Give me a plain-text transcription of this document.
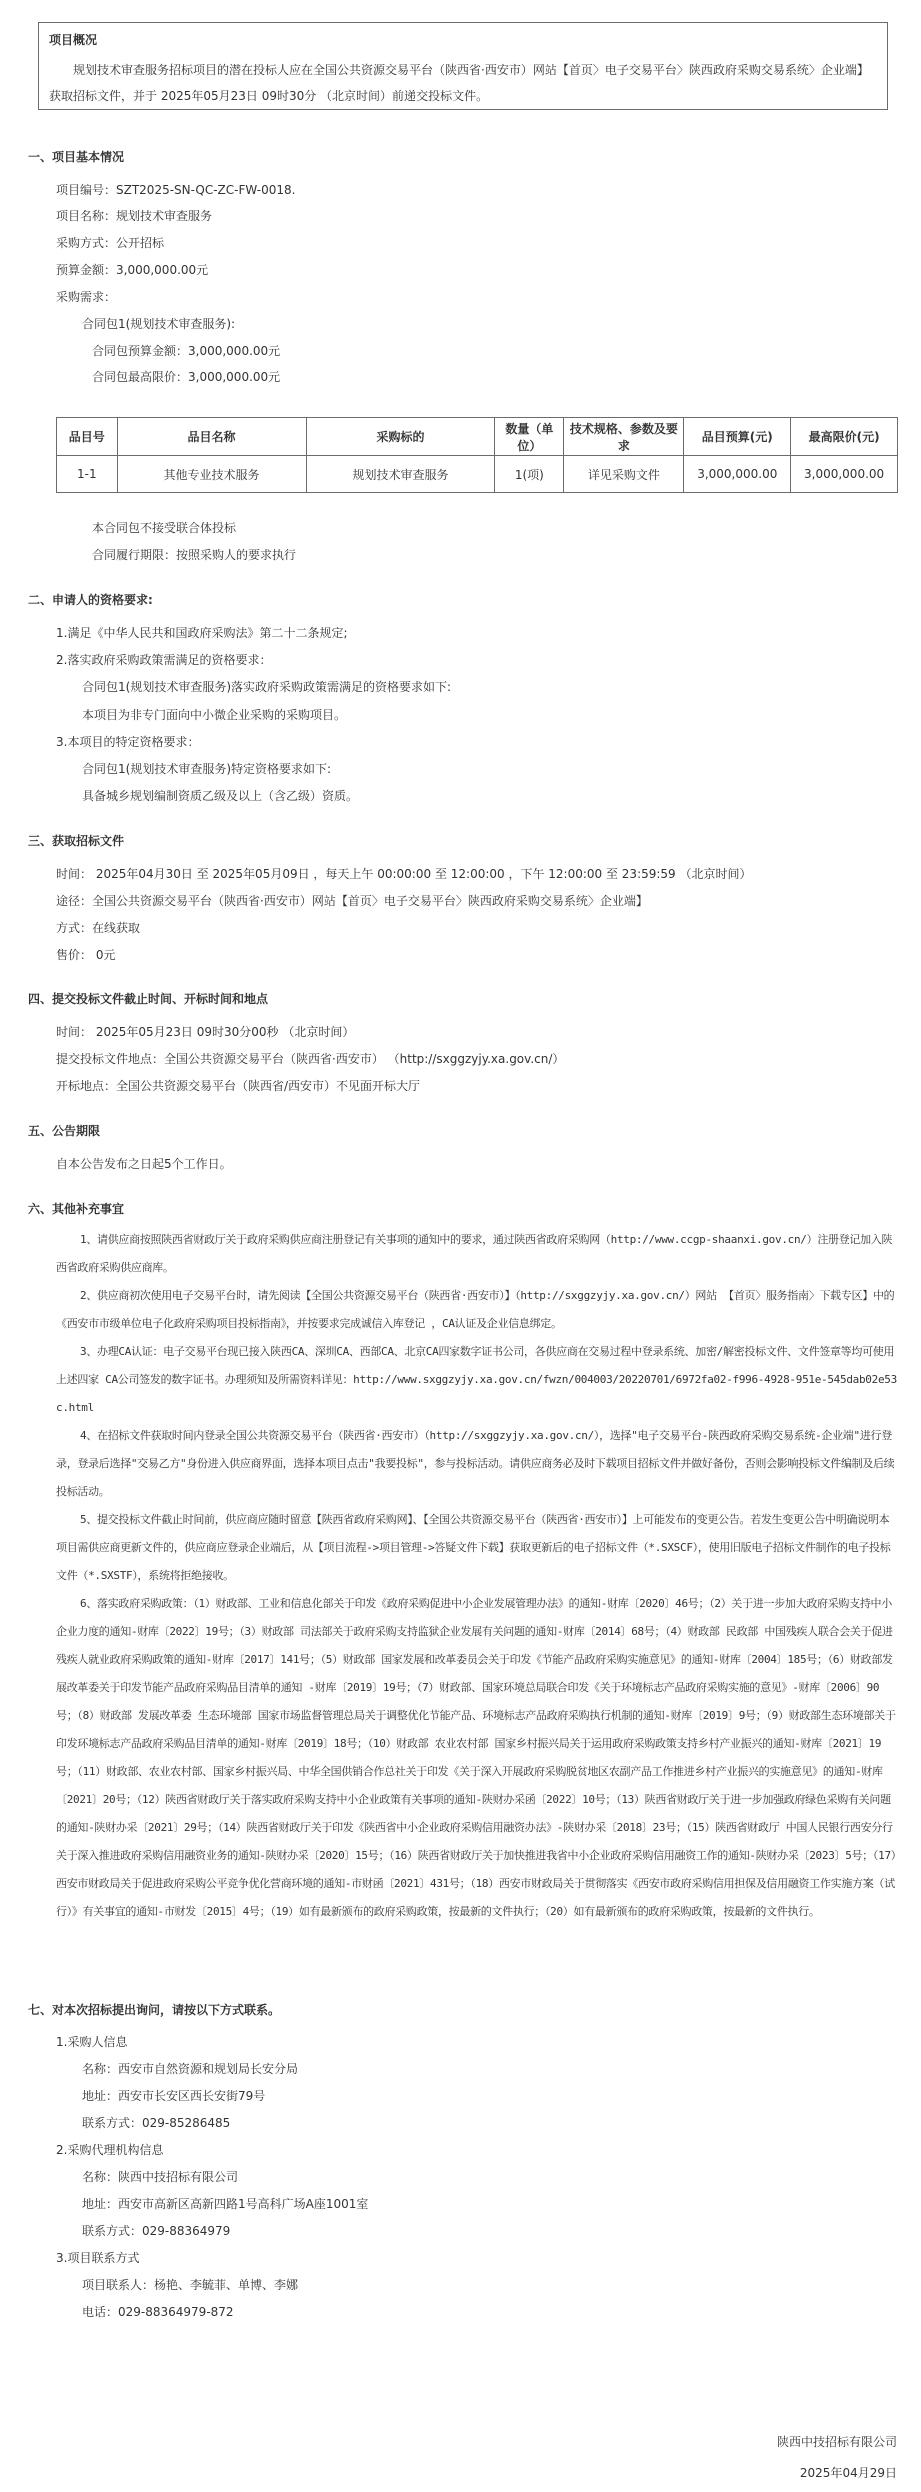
项目概况
规划技术审查服务招标项目的潜在投标人应在全国公共资源交易平台（陕西省·西安市）网站【首页〉电子交易平台〉陕西政府采购交易系统〉企业端】获取招标文件，并于 2025年05月23日 09时30分 （北京时间）前递交投标文件。
一、项目基本情况
项目编号：SZT2025-SN-QC-ZC-FW-0018.
项目名称：规划技术审查服务
采购方式：公开招标
预算金额：3,000,000.00元
采购需求：
合同包1(规划技术审查服务):
合同包预算金额：3,000,000.00元
合同包最高限价：3,000,000.00元
品目号	品目名称	采购标的	数量（单位）	技术规格、参数及要求	品目预算(元)	最高限价(元)
1-1	其他专业技术服务	规划技术审查服务	1(项)	详见采购文件	3,000,000.00	3,000,000.00
本合同包不接受联合体投标
合同履行期限：按照采购人的要求执行
二、申请人的资格要求:
1.满足《中华人民共和国政府采购法》第二十二条规定;
2.落实政府采购政策需满足的资格要求：
合同包1(规划技术审查服务)落实政府采购政策需满足的资格要求如下:
本项目为非专门面向中小微企业采购的采购项目。
3.本项目的特定资格要求：
合同包1(规划技术审查服务)特定资格要求如下:
具备城乡规划编制资质乙级及以上（含乙级）资质。
三、获取招标文件
时间： 2025年04月30日 至 2025年05月09日 ，每天上午 00:00:00 至 12:00:00 ，下午 12:00:00 至 23:59:59 （北京时间）
途径：全国公共资源交易平台（陕西省·西安市）网站【首页〉电子交易平台〉陕西政府采购交易系统〉企业端】
方式：在线获取
售价： 0元
四、提交投标文件截止时间、开标时间和地点
时间： 2025年05月23日 09时30分00秒 （北京时间）
提交投标文件地点：全国公共资源交易平台（陕西省·西安市） （http://sxggzyjy.xa.gov.cn/）
开标地点：全国公共资源交易平台（陕西省/西安市）不见面开标大厅
五、公告期限
自本公告发布之日起5个工作日。
六、其他补充事宜
1、请供应商按照陕西省财政厅关于政府采购供应商注册登记有关事项的通知中的要求，通过陕西省政府采购网（http://www.ccgp-shaanxi.gov.cn/）注册登记加入陕西省政府采购供应商库。
2、供应商初次使用电子交易平台时，请先阅读【全国公共资源交易平台（陕西省·西安市）】（http://sxggzyjy.xa.gov.cn/）网站 【首页〉服务指南〉下载专区】中的 《西安市市级单位电子化政府采购项目投标指南》，并按要求完成诚信入库登记 ，CA认证及企业信息绑定。
3、办理CA认证：电子交易平台现已接入陕西CA、深圳CA、西部CA、北京CA四家数字证书公司，各供应商在交易过程中登录系统、加密/解密投标文件、文件签章等均可使用上述四家 CA公司签发的数字证书。办理须知及所需资料详见：http://www.sxggzyjy.xa.gov.cn/fwzn/004003/20220701/6972fa02-f996-4928-951e-545dab02e53c.html
4、在招标文件获取时间内登录全国公共资源交易平台（陕西省·西安市）（http://sxggzyjy.xa.gov.cn/），选择"电子交易平台-陕西政府采购交易系统-企业端"进行登录，登录后选择"交易乙方"身份进入供应商界面，选择本项目点击"我要投标"，参与投标活动。请供应商务必及时下载项目招标文件并做好备份，否则会影响投标文件编制及后续投标活动。
5、提交投标文件截止时间前，供应商应随时留意【陕西省政府采购网】、【全国公共资源交易平台（陕西省·西安市）】上可能发布的变更公告。若发生变更公告中明确说明本项目需供应商更新文件的，供应商应登录企业端后，从【项目流程->项目管理->答疑文件下载】获取更新后的电子招标文件（*.SXSCF），使用旧版电子招标文件制作的电子投标文件（*.SXSTF），系统将拒绝接收。
6、落实政府采购政策：（1）财政部、工业和信息化部关于印发《政府采购促进中小企业发展管理办法》的通知-财库〔2020〕46号；（2）关于进一步加大政府采购支持中小企业力度的通知-财库〔2022〕19号；（3）财政部 司法部关于政府采购支持监狱企业发展有关问题的通知-财库〔2014〕68号；（4）财政部 民政部 中国残疾人联合会关于促进残疾人就业政府采购政策的通知-财库〔2017〕141号；（5）财政部 国家发展和改革委员会关于印发《节能产品政府采购实施意见》的通知-财库〔2004〕185号；（6）财政部发展改革委关于印发节能产品政府采购品目清单的通知 -财库〔2019〕19号；（7）财政部、国家环境总局联合印发《关于环境标志产品政府采购实施的意见》-财库〔2006〕90号；（8）财政部 发展改革委 生态环境部 国家市场监督管理总局关于调整优化节能产品、环境标志产品政府采购执行机制的通知-财库〔2019〕9号；（9）财政部生态环境部关于印发环境标志产品政府采购品目清单的通知-财库〔2019〕18号；（10）财政部 农业农村部 国家乡村振兴局关于运用政府采购政策支持乡村产业振兴的通知-财库〔2021〕19号；（11）财政部、农业农村部、国家乡村振兴局、中华全国供销合作总社关于印发《关于深入开展政府采购脱贫地区农副产品工作推进乡村产业振兴的实施意见》的通知-财库〔2021〕20号；（12）陕西省财政厅关于落实政府采购支持中小企业政策有关事项的通知-陕财办采函〔2022〕10号；（13）陕西省财政厅关于进一步加强政府绿色采购有关问题的通知-陕财办采〔2021〕29号；（14）陕西省财政厅关于印发《陕西省中小企业政府采购信用融资办法》-陕财办采〔2018〕23号；（15）陕西省财政厅 中国人民银行西安分行关于深入推进政府采购信用融资业务的通知-陕财办采〔2020〕15号；（16）陕西省财政厅关于加快推进我省中小企业政府采购信用融资工作的通知-陕财办采〔2023〕5号；（17）西安市财政局关于促进政府采购公平竞争优化营商环境的通知-市财函〔2021〕431号；（18）西安市财政局关于贯彻落实《西安市政府采购信用担保及信用融资工作实施方案（试行）》有关事宜的通知-市财发〔2015〕4号；（19）如有最新颁布的政府采购政策，按最新的文件执行；（20）如有最新颁布的政府采购政策，按最新的文件执行。
七、对本次招标提出询问，请按以下方式联系。
1.采购人信息
名称：西安市自然资源和规划局长安分局
地址：西安市长安区西长安街79号
联系方式：029-85286485
2.采购代理机构信息
名称：陕西中技招标有限公司
地址：西安市高新区高新四路1号高科广场A座1001室
联系方式：029-88364979
3.项目联系方式
项目联系人：杨艳、李毓菲、单博、李娜
电话：029-88364979-872
陕西中技招标有限公司
2025年04月29日
